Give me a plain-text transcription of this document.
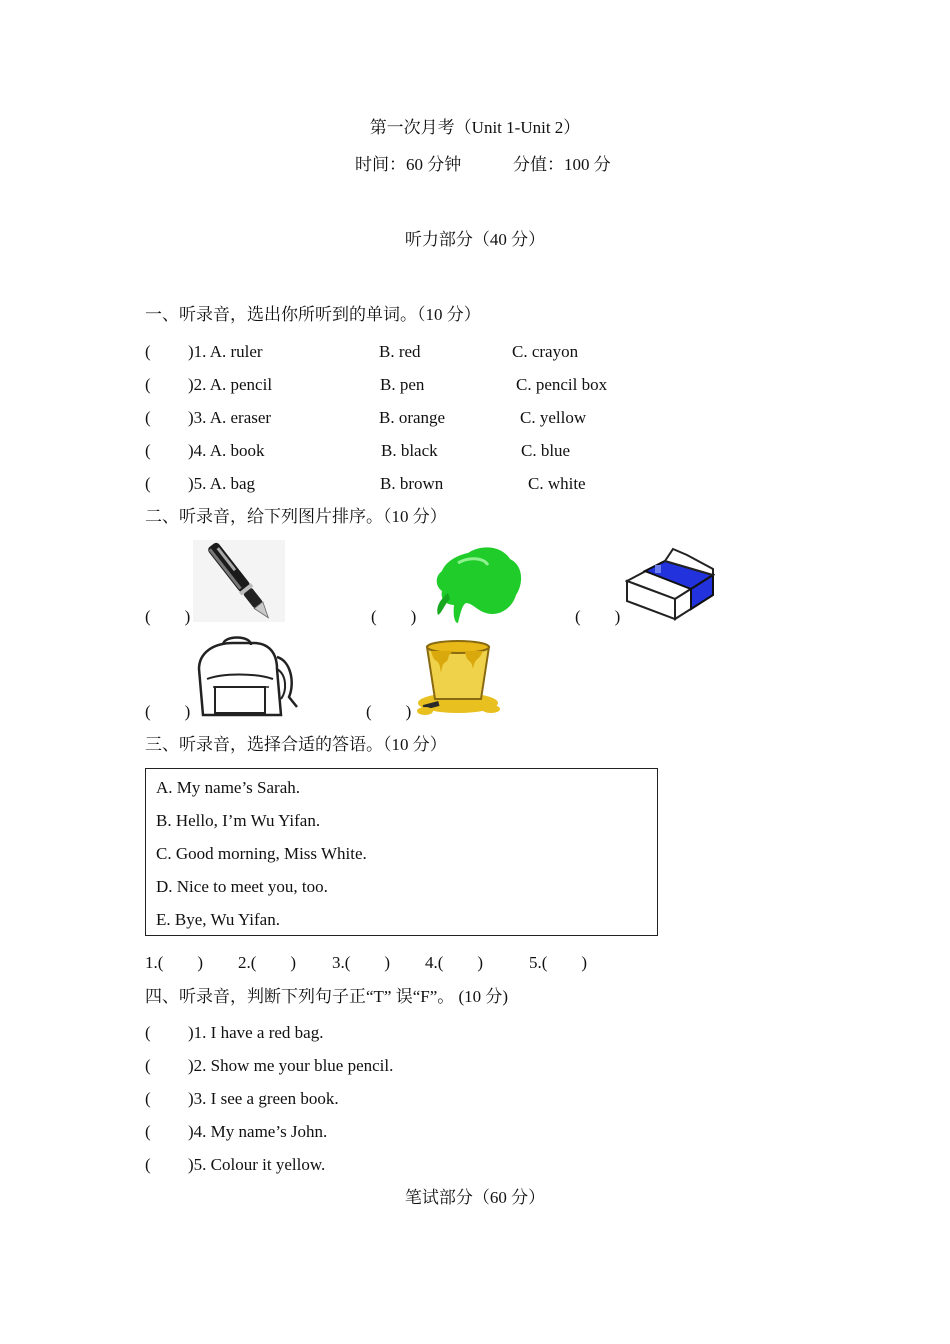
第一次月考（Unit 1-Unit 2）
时间：60 分钟	分值：100 分
听力部分（40 分）
一、听录音，选出你所听到的单词。（10 分）
( )1. A. ruler	B. red	C. crayon
( )2. A. pencil	B. pen	C. pencil box
( )3. A. eraser	B. orange	C. yellow
( )4. A. book	B. black	C. blue
( )5. A. bag	B. brown	C. white
二、听录音，给下列图片排序。（10 分）
(        )	(        )	(        )
(        )	(        )
三、听录音，选择合适的答语。（10 分）
A. My name’s Sarah.
B. Hello, I’m Wu Yifan.
C. Good morning, Miss White.
D. Nice to meet you, too.
E. Bye, Wu Yifan.
1.(        ) 2.(        ) 3.(        ) 4.(        )	5.(        )
四、听录音，判断下列句子正“T” 误“F”。 (10 分)
( )1. I have a red bag.
( )2. Show me your blue pencil.
( )3. I see a green book.
( )4. My name’s John.
( )5. Colour it yellow.
笔试部分（60 分）
